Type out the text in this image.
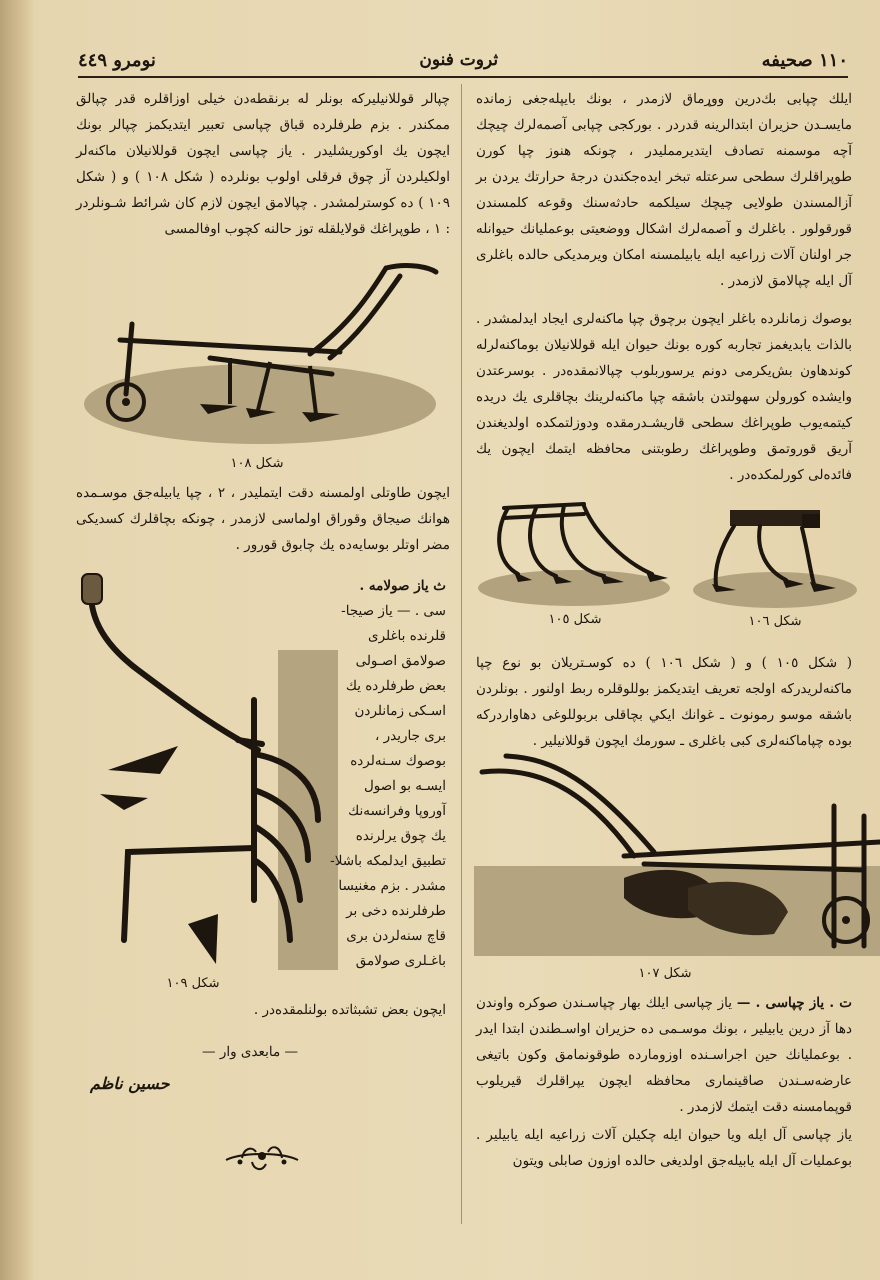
١١٠ صحيفه
ثروت فنون
نومرو ٤٤٩

ايلك چپابى بك‌درين ووړماق لازمدر ، بونك بايپله‌جغى زمانده مايسـدن حزيران ابتدالرينه قدردر . بوركجى چپابى آصمه‌لرك چيچك آچه موسمنه تصادف ايتديرممليدر ، چونكه هنوز چپا كورن طوپراقلرك سطحى سرعتله تبخر ايده‌جكندن درجهٔ حرارتك يردن بر آزالمسندن طولايى چيچك سيلكمه حادثه‌سنك وقوعه كلمسندن قورقولور . باغلرك و آصمه‌لرك اشكال ووضعيتى بوعمليانك حيوانله جر اولنان آلات زراعيه ايله يابيلمسنه امكان ويرمديكى حالده باغلرى آل ايله چپالامق لازمدر .

بوصوك زمانلرده باغلر ايچون برچوق چپا ماكنه‌لرى ايجاد ايدلمشدر . بالذات يابديغمز تجاربه كوره بونك حيوان ايله قوللانيلان بوماكنه‌لرله كوندهاون بش‌يكرمى دونم يرسوربلوب چپالانمقده‌در . بوسرعتدن وايشده كورولن سهولتدن باشقه چپا ماكنه‌لرينك بچاقلرى يك دريده كيتمه‌يوب طوپراغك سطحى قاريشـدرمقده ودوزلتمكده اولديغندن آريق قوروتمق وطوپراغك رطوبتنى محافظه ايتمك ايچون يك فائده‌لى كورلمكده‌در .

شكل ١٠٥	شكل ١٠٦

( شكل ١٠٥ ) و ( شكل ١٠٦ ) ده كوسـتريلان بو نوع چپا ماكنه‌لريدركه اولجه تعريف ايتديكمز بوللوقلره ربط اولنور . بونلردن باشقه موسو رمونوت ـ غوانك ايكي بچاقلى بربوللوغى دهاواردركه بوده چپاماكنه‌لرى كبى باغلرى ـ سورمك ايچون قوللانيلير .

شكل ١٠٧

ت . ياز چپاسى . — ياز چپاسى ايلك بهار چپاسـندن صوكره واوندن دها آز درين يابيلير ، بونك موسـمى ده حزيران اواسـطندن ابتدا ايدر . بوعمليانك حين اجراسـنده اوزومارده طوقونمامق وكون باتيغى عارضه‌سـندن صاقينمارى محافظه ايچون يپراقلرك قيريلوب قوپمامسنه دقت ايتمك لازمدر .

ياز چپاسى آل ايله ويا حيوان ايله چكيلن آلات زراعيه ايله يابيلير . بوعمليات آل ايله يابيله‌جق اولديغى حالده اوزون صابلى ويتون

چپالر قوللانيليركه بونلر له برنقطه‌دن خيلى اوزاقلره قدر چپالق ممكندر . بزم طرفلرده قباق چپاسى تعبير ايتديكمز چپالر بونك ايچون يك اوكوريشليدر . ياز چپاسى ايچون قوللانيلان ماكنه‌لر اولكيلردن آز چوق فرقلى اولوب بونلرده ( شكل ١٠٨ ) و ( شكل ١٠٩ ) ده كوسترلمشدر . چپالامق ايچون لازم كان شرائط شـونلردر : ١ ، طوپراغك قولايلقله توز حالنه كچوب اوفالمسى

شكل ١٠٨

ايچون طاوتلى اولمسنه دقت ايتمليدر ، ٢ ، چپا يابيله‌جق موسـمده هوانك صيجاق وقوراق اولماسى لازمدر ، چونكه بچاقلرك كسديكى مضر اوتلر بوسايه‌ده يك چابوق قورور .

شكل ١٠٩
ث ياز صولامه .
سى . — ياز صيجا-
قلرنده باغلرى
صولامق اصـولى
بعض طرفلرده يك
اسـكى زمانلردن
برى جاريدر ،
بوصوك سـنه‌لرده
ايسـه بو اصول
آوروپا وفرانسه‌نك
يك چوق يرلرنده
تطبيق ايدلمكه باشلا-
مشدر . بزم مغنيسا
طرفلرنده دخى بر
قاچ سنه‌لردن برى
باغـلرى صولامق
ايچون بعض تشبثاتده بولنلمقده‌در .
— مابعدى وار —
حسين ناظم
